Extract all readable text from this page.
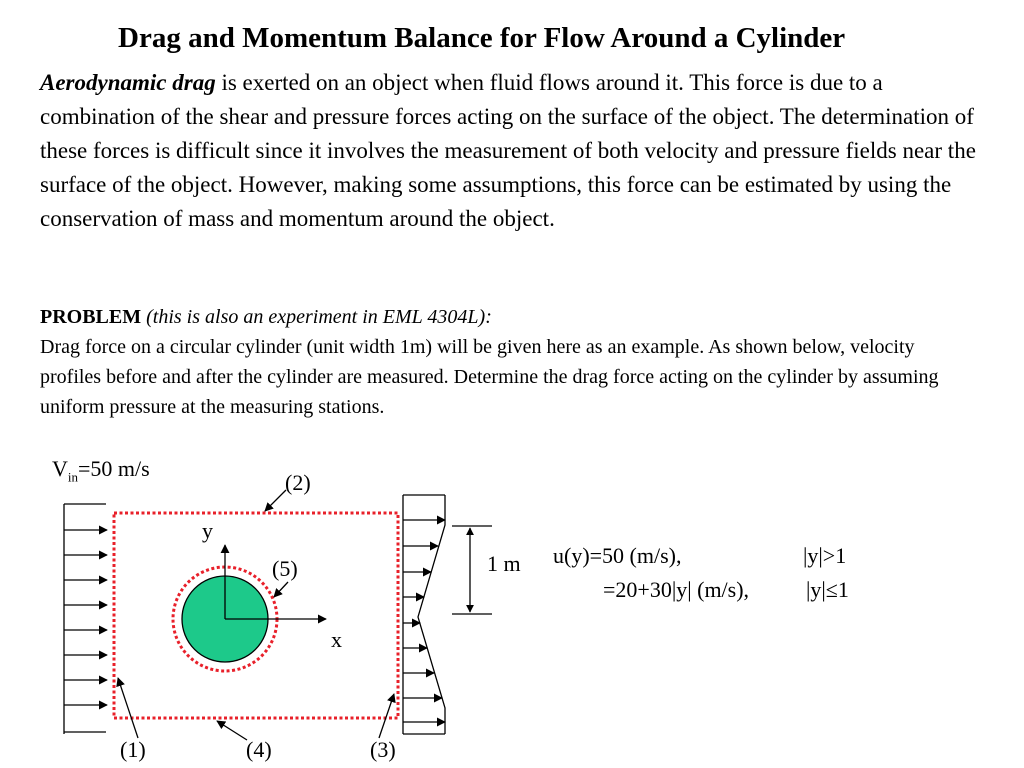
Drag and Momentum Balance for Flow Around a Cylinder
Aerodynamic drag is exerted on an object when fluid flows around it. This force is due to a combination of the shear and pressure forces acting on the surface of the object. The determination of these forces is difficult since it involves the measurement of both velocity and pressure fields near the surface of the object. However, making some assumptions, this force can be estimated by using the conservation of mass and momentum around the object.
PROBLEM (this is also an experiment in EML 4304L):
Drag force on a circular cylinder (unit width 1m) will be given here as an example. As shown below, velocity profiles before and after the cylinder are measured. Determine the drag force acting on the cylinder by assuming uniform pressure at the measuring stations.
$V_{in}=50$ m/s
(2)
y
(5)
x
1 m
(1)	(4)	(3)
u(y)=50 (m/s),	|y|>1
=20+30|y| (m/s),	|y|≤1
